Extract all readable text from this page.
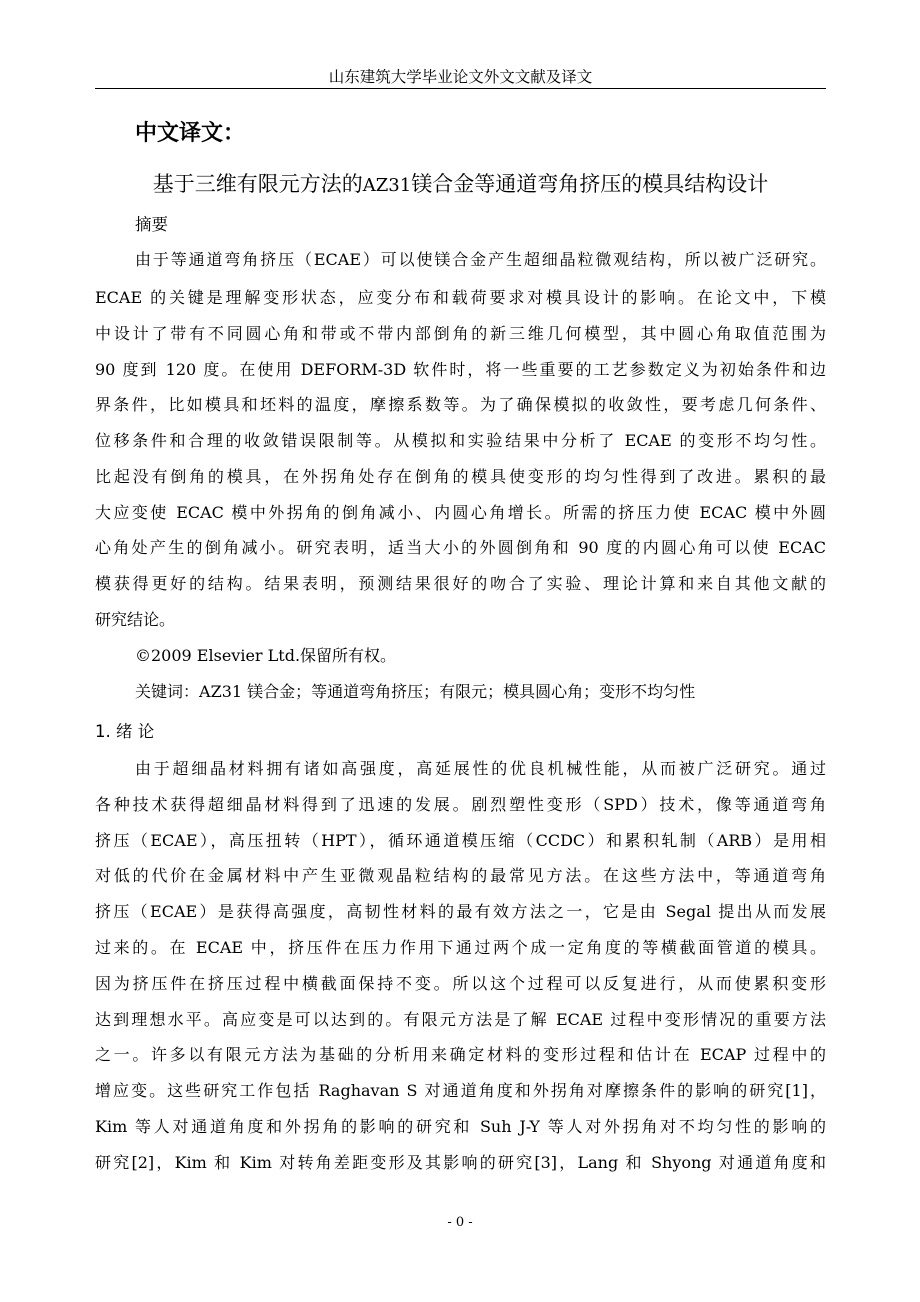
山东建筑大学毕业论文外文文献及译文
中文译文：
基于三维有限元方法的AZ31镁合金等通道弯角挤压的模具结构设计
摘要
由于等通道弯角挤压（ECAE）可以使镁合金产生超细晶粒微观结构，所以被广泛研究。
ECAE 的关键是理解变形状态，应变分布和载荷要求对模具设计的影响。在论文中，下模
中设计了带有不同圆心角和带或不带内部倒角的新三维几何模型，其中圆心角取值范围为
90 度到 120 度。在使用 DEFORM-3D 软件时，将一些重要的工艺参数定义为初始条件和边
界条件，比如模具和坯料的温度，摩擦系数等。为了确保模拟的收敛性，要考虑几何条件、
位移条件和合理的收敛错误限制等。从模拟和实验结果中分析了 ECAE 的变形不均匀性。
比起没有倒角的模具，在外拐角处存在倒角的模具使变形的均匀性得到了改进。累积的最
大应变使 ECAC 模中外拐角的倒角减小、内圆心角增长。所需的挤压力使 ECAC 模中外圆
心角处产生的倒角减小。研究表明，适当大小的外圆倒角和 90 度的内圆心角可以使 ECAC
模获得更好的结构。结果表明，预测结果很好的吻合了实验、理论计算和来自其他文献的
研究结论。
©2009 Elsevier Ltd.保留所有权。
关键词：AZ31 镁合金；等通道弯角挤压；有限元；模具圆心角；变形不均匀性
1. 绪 论
由于超细晶材料拥有诸如高强度，高延展性的优良机械性能，从而被广泛研究。通过
各种技术获得超细晶材料得到了迅速的发展。剧烈塑性变形（SPD）技术，像等通道弯角
挤压（ECAE），高压扭转（HPT），循环通道模压缩（CCDC）和累积轧制（ARB）是用相
对低的代价在金属材料中产生亚微观晶粒结构的最常见方法。在这些方法中，等通道弯角
挤压（ECAE）是获得高强度，高韧性材料的最有效方法之一，它是由 Segal 提出从而发展
过来的。在 ECAE 中，挤压件在压力作用下通过两个成一定角度的等横截面管道的模具。
因为挤压件在挤压过程中横截面保持不变。所以这个过程可以反复进行，从而使累积变形
达到理想水平。高应变是可以达到的。有限元方法是了解 ECAE 过程中变形情况的重要方法
之一。许多以有限元方法为基础的分析用来确定材料的变形过程和估计在 ECAP 过程中的
增应变。这些研究工作包括 Raghavan S 对通道角度和外拐角对摩擦条件的影响的研究[1]，
Kim 等人对通道角度和外拐角的影响的研究和 Suh J-Y 等人对外拐角对不均匀性的影响的
研究[2]，Kim 和 Kim 对转角差距变形及其影响的研究[3]，Lang 和 Shyong 对通道角度和
- 0 -
